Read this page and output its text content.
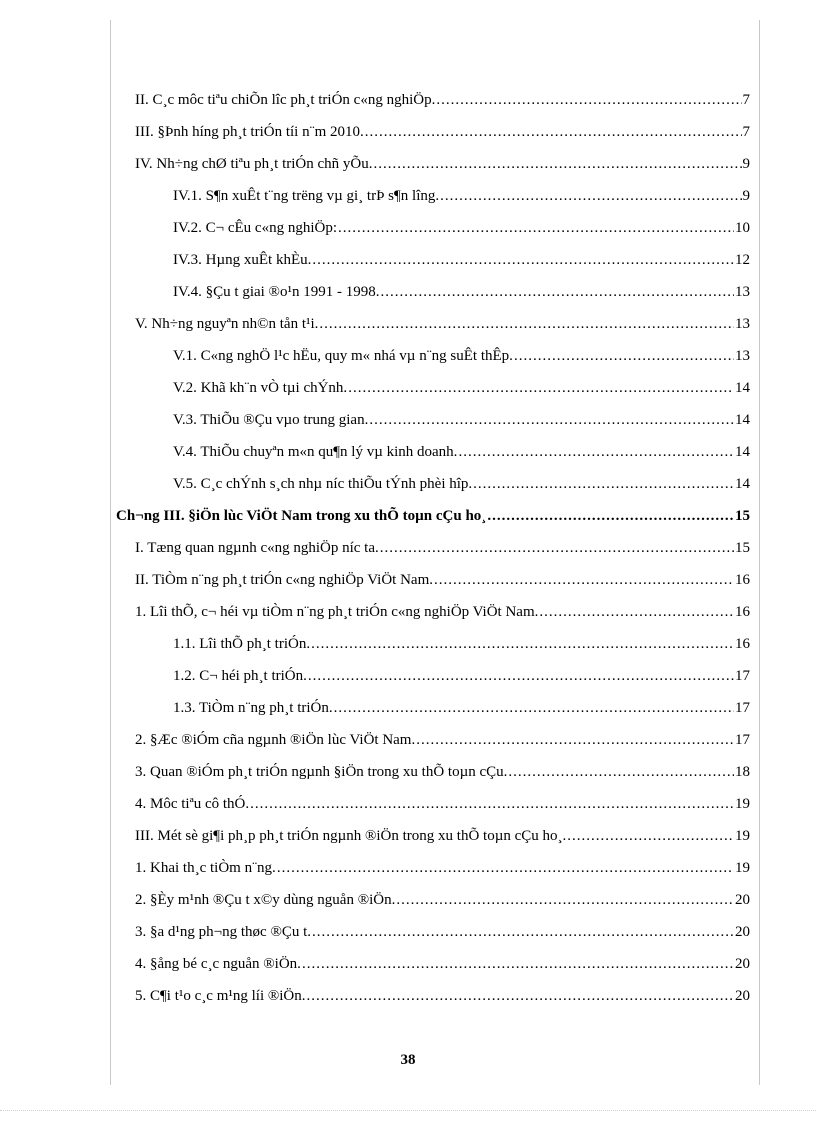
II. C¸c môc tiªu chiÕn lîc ph¸t triÓn c«ng nghiÖp. .....	7
III. §Þnh híng ph¸t triÓn tíi n¨m 2010. .....	7
IV. Nh÷ng chØ tiªu ph¸t triÓn chñ yÕu. .....	9
IV.1. S¶n xuÊt t¨ng trëng vµ gi¸ trÞ s¶n lîng. .....	9
IV.2. C¬ cÊu c«ng nghiÖp: .....	10
IV.3. Hµng xuÊt khÈu. .....	12
IV.4. §Çu t giai ®o¹n 1991 - 1998. .....	13
V. Nh÷ng nguyªn nh©n tån t¹i. .....	13
V.1. C«ng nghÖ l¹c hËu, quy m« nhá vµ n¨ng suÊt thÊp. .....	13
V.2. Khã kh¨n vÒ tµi chÝnh. .....	14
V.3. ThiÕu ®Çu vµo trung gian. .....	14
V.4. ThiÕu chuyªn m«n qu¶n lý vµ kinh doanh. .....	14
V.5. C¸c chÝnh s¸ch nhµ níc thiÕu tÝnh phèi hîp. .....	14
Ch¬ng III. §iÖn lùc ViÖt Nam trong xu thÕ toµn cÇu ho¸ .....	15
I. Tæng quan ngµnh c«ng nghiÖp níc ta. .....	15
II. TiÒm n¨ng ph¸t triÓn c«ng nghiÖp ViÖt Nam. .....	16
1. Lîi thÕ, c¬ héi vµ tiÒm n¨ng ph¸t triÓn c«ng nghiÖp ViÖt Nam. .....	16
1.1. Lîi thÕ ph¸t triÓn. .....	16
1.2. C¬ héi ph¸t triÓn. .....	17
1.3. TiÒm n¨ng ph¸t triÓn. .....	17
2. §Æc ®iÓm cña ngµnh ®iÖn lùc ViÖt Nam. .....	17
3. Quan ®iÓm ph¸t triÓn ngµnh §iÖn trong xu thÕ toµn cÇu. .....	18
4. Môc tiªu cô thÓ. .....	19
III. Mét sè gi¶i ph¸p ph¸t triÓn ngµnh ®iÖn trong xu thÕ toµn cÇu ho¸. .....	19
1. Khai th¸c tiÒm n¨ng. .....	19
2. §Èy m¹nh ®Çu t x©y dùng nguån ®iÖn. .....	20
3. §a d¹ng ph¬ng thøc ®Çu t. .....	20
4. §ång bé c¸c nguån ®iÖn. .....	20
5. C¶i t¹o c¸c m¹ng líi ®iÖn. .....	20
38
